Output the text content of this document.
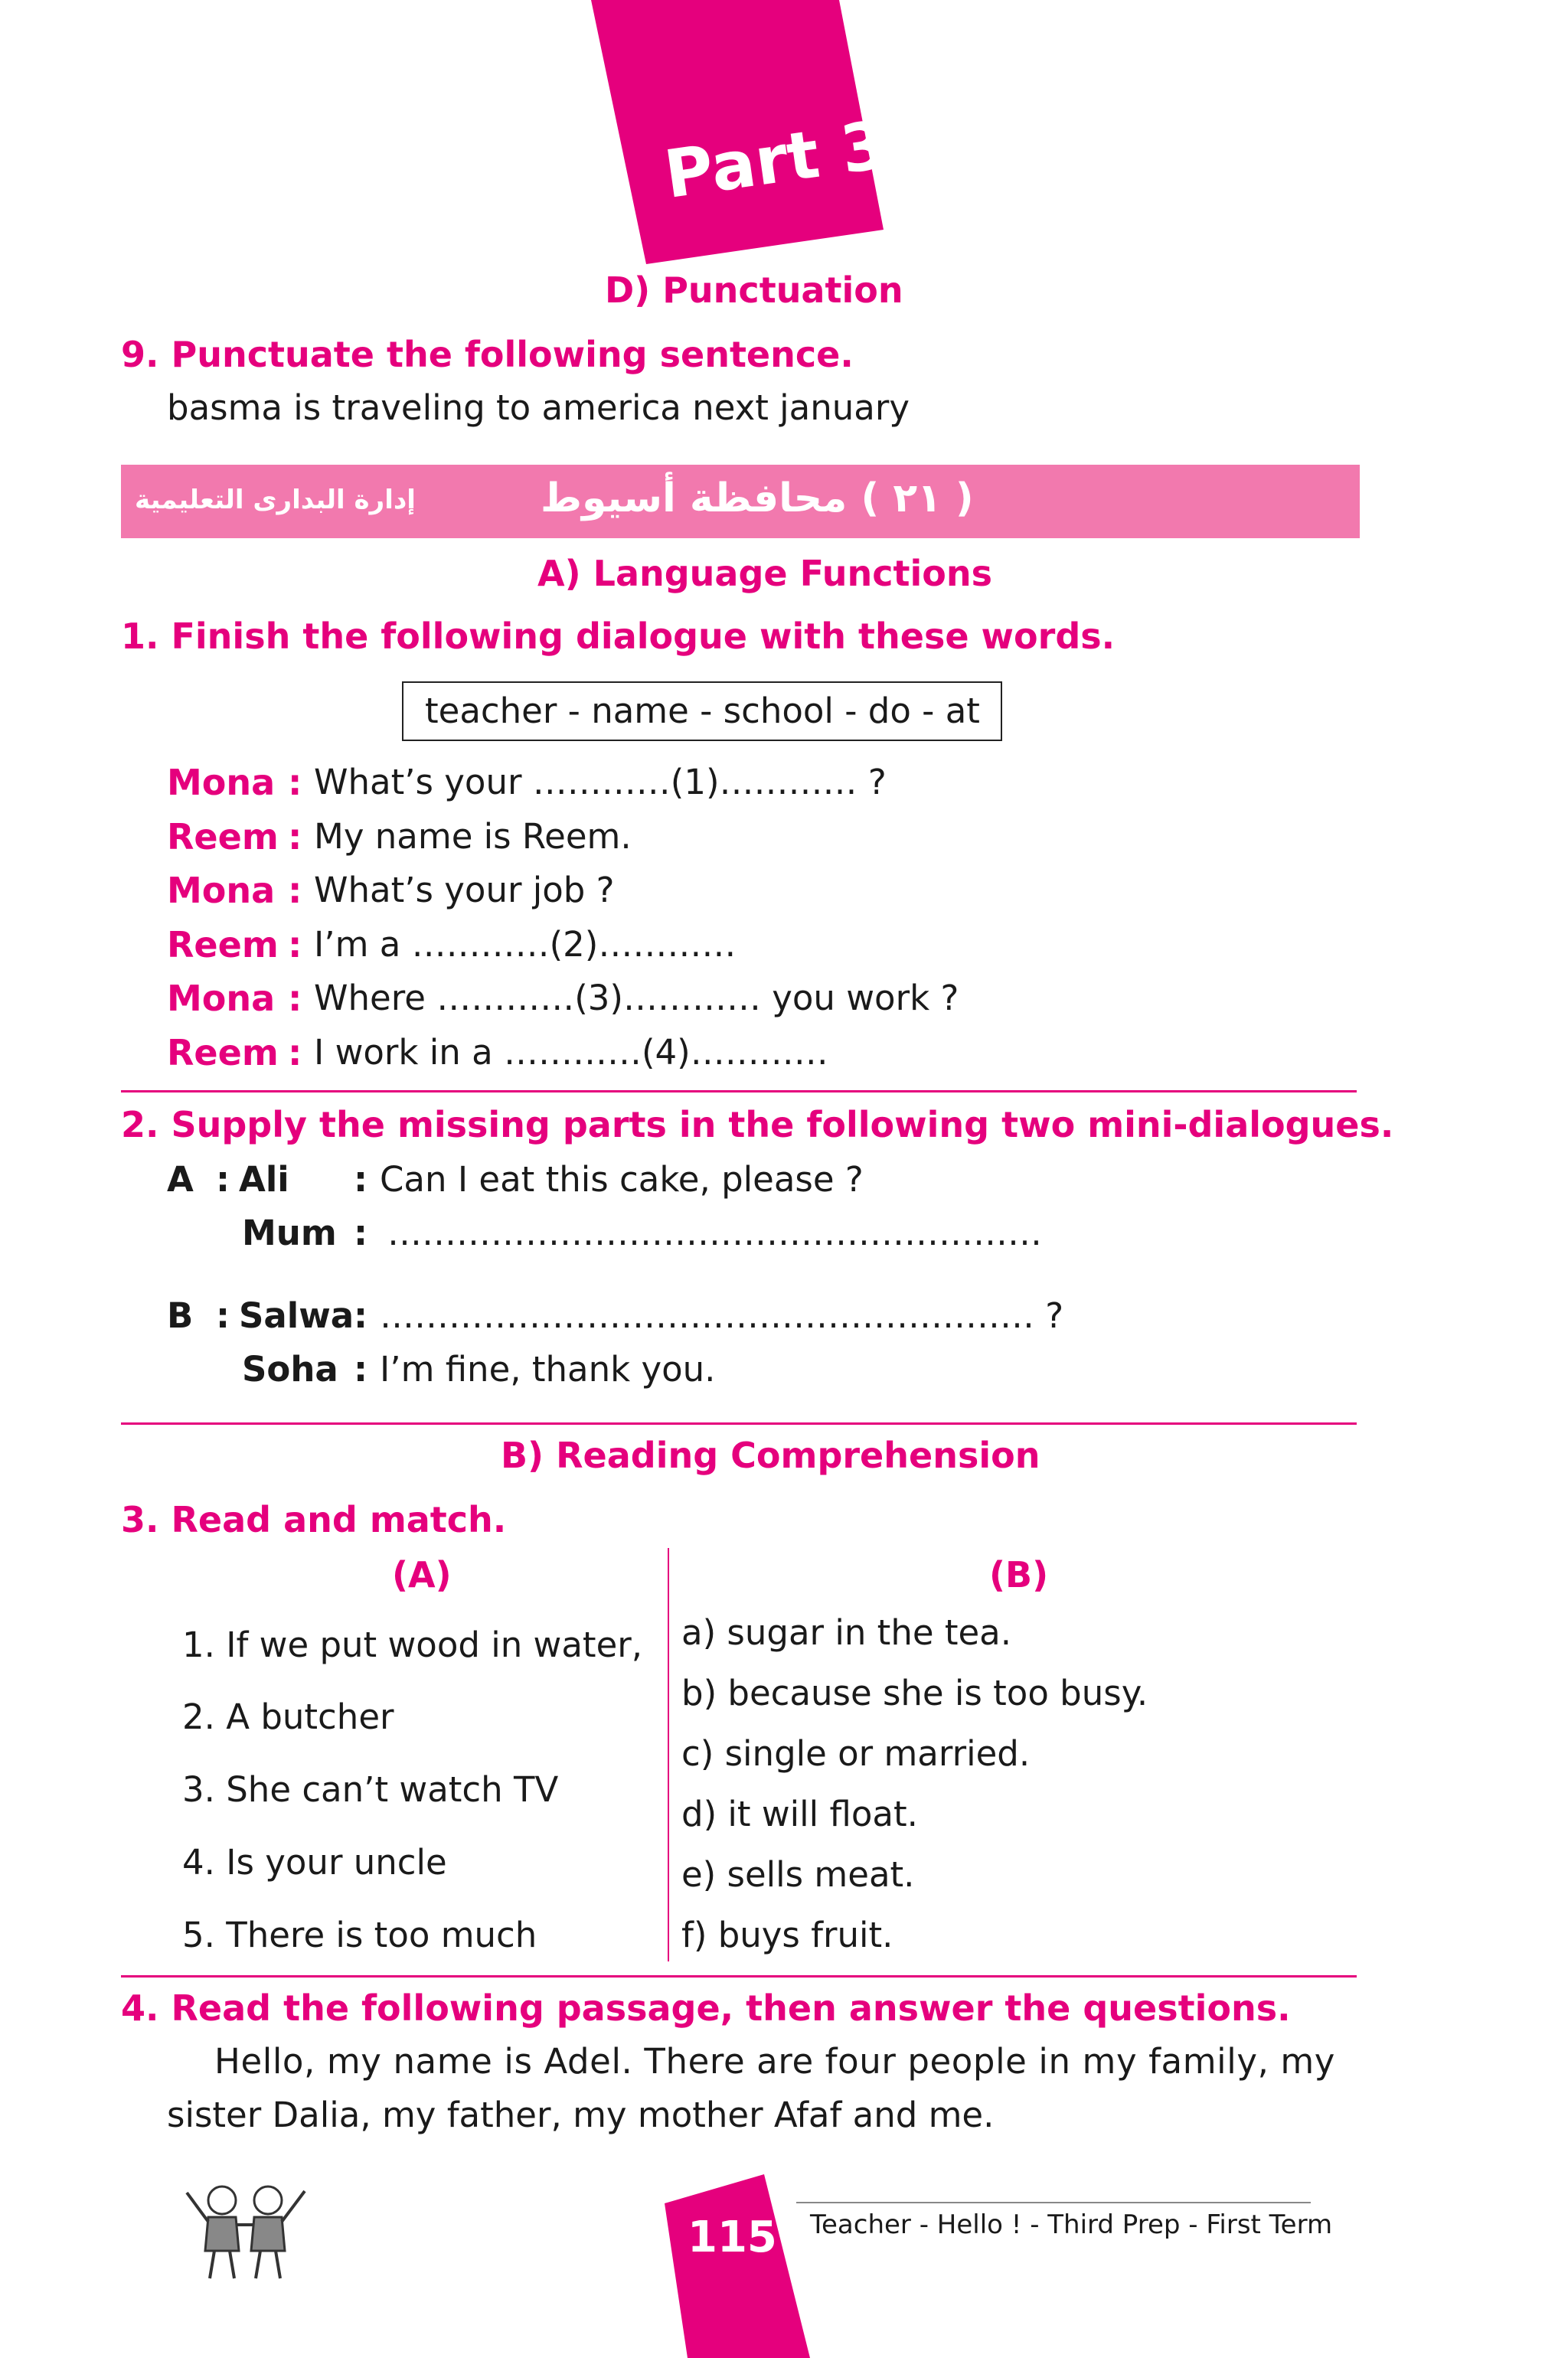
Part 3
D) Punctuation
9. Punctuate the following sentence.
basma is traveling to america next january
( ٢١ ) محافظة أسيوط
إدارة البدارى التعليمية
A) Language Functions
1. Finish the following dialogue with these words.
teacher - name - school - do - at
Mona : What’s your …………(1)………… ?
Reem : My name is Reem.
Mona : What’s your job ?
Reem : I’m a …………(2)…………
Mona : Where …………(3)………… you work ?
Reem : I work in a …………(4)…………
2. Supply the missing parts in the following two mini-dialogues.
A : Ali : Can I eat this cake, please ?
Mum : …………………………………………………
B : Salwa : ………………………………………………… ?
Soha : I’m fine, thank you.
B) Reading Comprehension
3. Read and match.
(A)	(B)
1. If we put wood in water,
2. A butcher
3. She can’t watch TV
4. Is your uncle
5. There is too much
a) sugar in the tea.
b) because she is too busy.
c) single or married.
d) it will float.
e) sells meat.
f) buys fruit.
4. Read the following passage, then answer the questions.
Hello, my name is Adel. There are four people in my family, my
sister Dalia, my father, my mother Afaf and me.
115 Teacher - Hello ! - Third Prep - First Term
